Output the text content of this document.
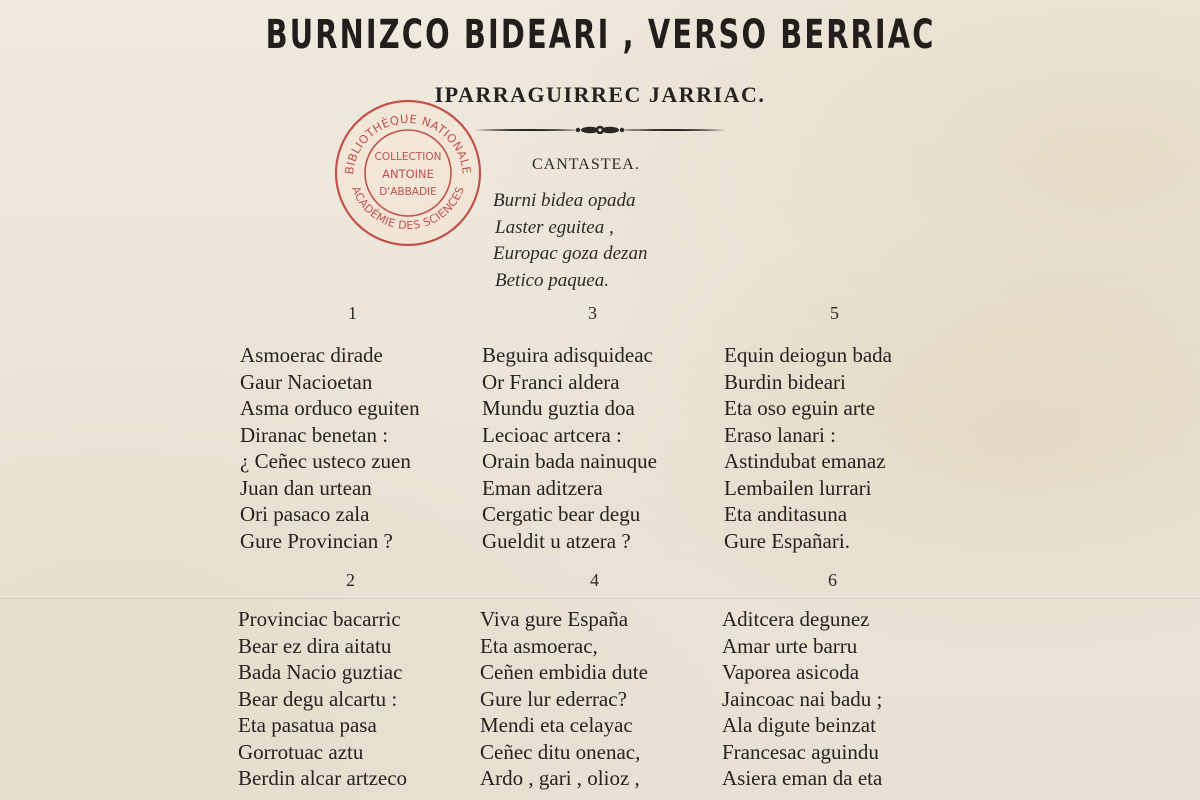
BURNIZCO BIDEARI , VERSO BERRIAC
IPARRAGUIRREC JARRIAC.
BIBLIOTHÈQUE NATIONALE
ACADÉMIE DES SCIENCES
COLLECTION
ANTOINE
D'ABBADIE
CANTASTEA.
Burni bidea opada
Laster eguitea ,
Europac goza dezan
Betico paquea.
1
Asmoerac dirade
Gaur Nacioetan
Asma orduco eguiten
Diranac benetan :
¿ Ceñec usteco zuen
Juan dan urtean
Ori pasaco zala
Gure Provincian ?
3
Beguira adisquideac
Or Franci aldera
Mundu guztia doa
Lecioac artcera :
Orain bada nainuque
Eman aditzera
Cergatic bear degu
Gueldit u atzera ?
5
Equin deiogun bada
Burdin bideari
Eta oso eguin arte
Eraso lanari :
Astindubat emanaz
Lembailen lurrari
Eta anditasuna
Gure Españari.
2
Provinciac bacarric
Bear ez dira aitatu
Bada Nacio guztiac
Bear degu alcartu :
Eta pasatua pasa
Gorrotuac aztu
Berdin alcar artzeco
4
Viva gure España
Eta asmoerac,
Ceñen embidia dute
Gure lur ederrac?
Mendi eta celayac
Ceñec ditu onenac,
Ardo , gari , olioz ,
6
Aditcera degunez
Amar urte barru
Vaporea asicoda
Jaincoac nai badu ;
Ala digute beinzat
Francesac aguindu
Asiera eman da eta
